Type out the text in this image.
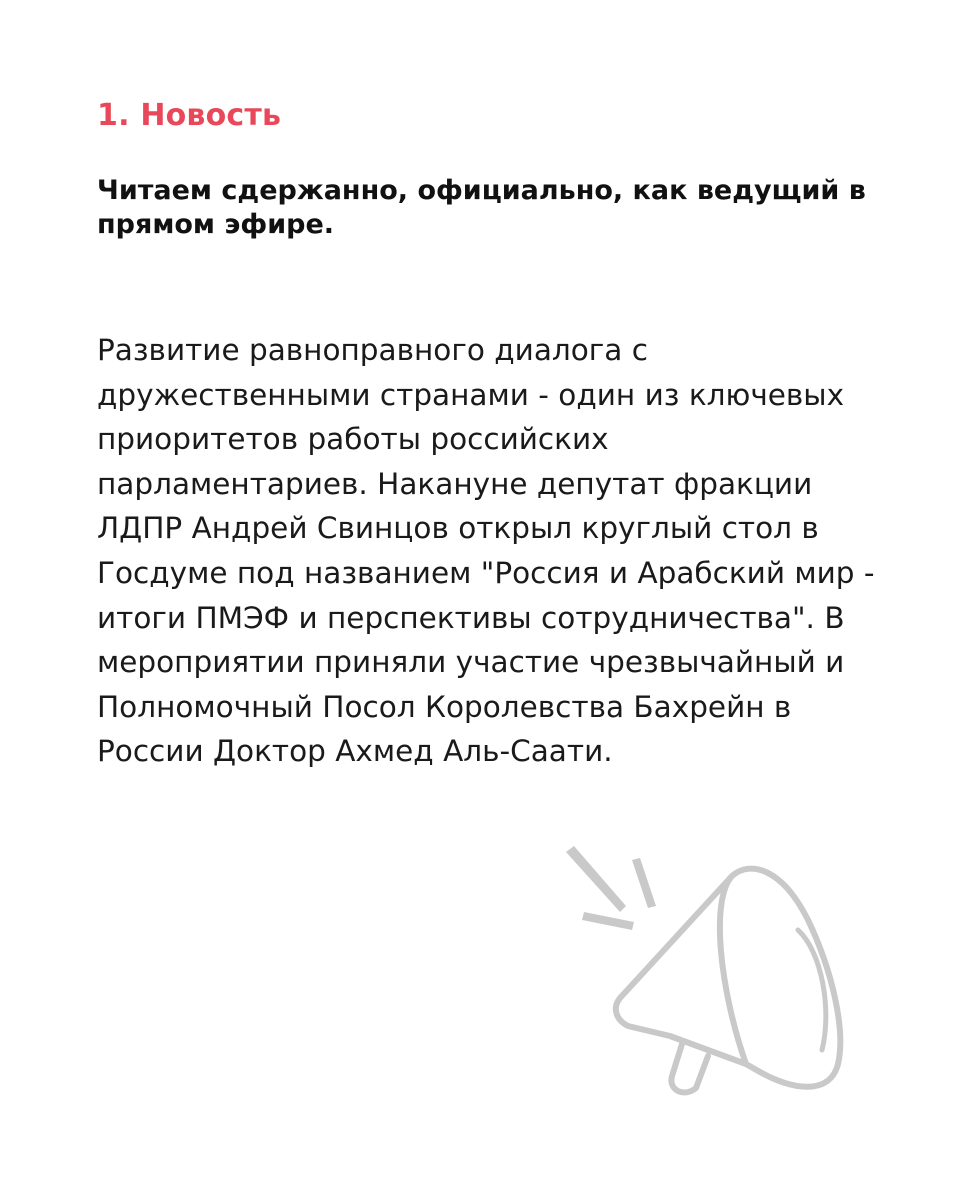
1. Новость

Читаем сдержанно, официально, как ведущий в прямом эфире.

Развитие равноправного диалога с дружественными странами - один из ключевых приоритетов работы российских парламентариев. Накануне депутат фракции ЛДПР Андрей Свинцов открыл круглый стол в Госдуме под названием "Россия и Арабский мир - итоги ПМЭФ и перспективы сотрудничества". В мероприятии приняли участие чрезвычайный и Полномочный Посол Королевства Бахрейн в России Доктор Ахмед Аль-Саати.
